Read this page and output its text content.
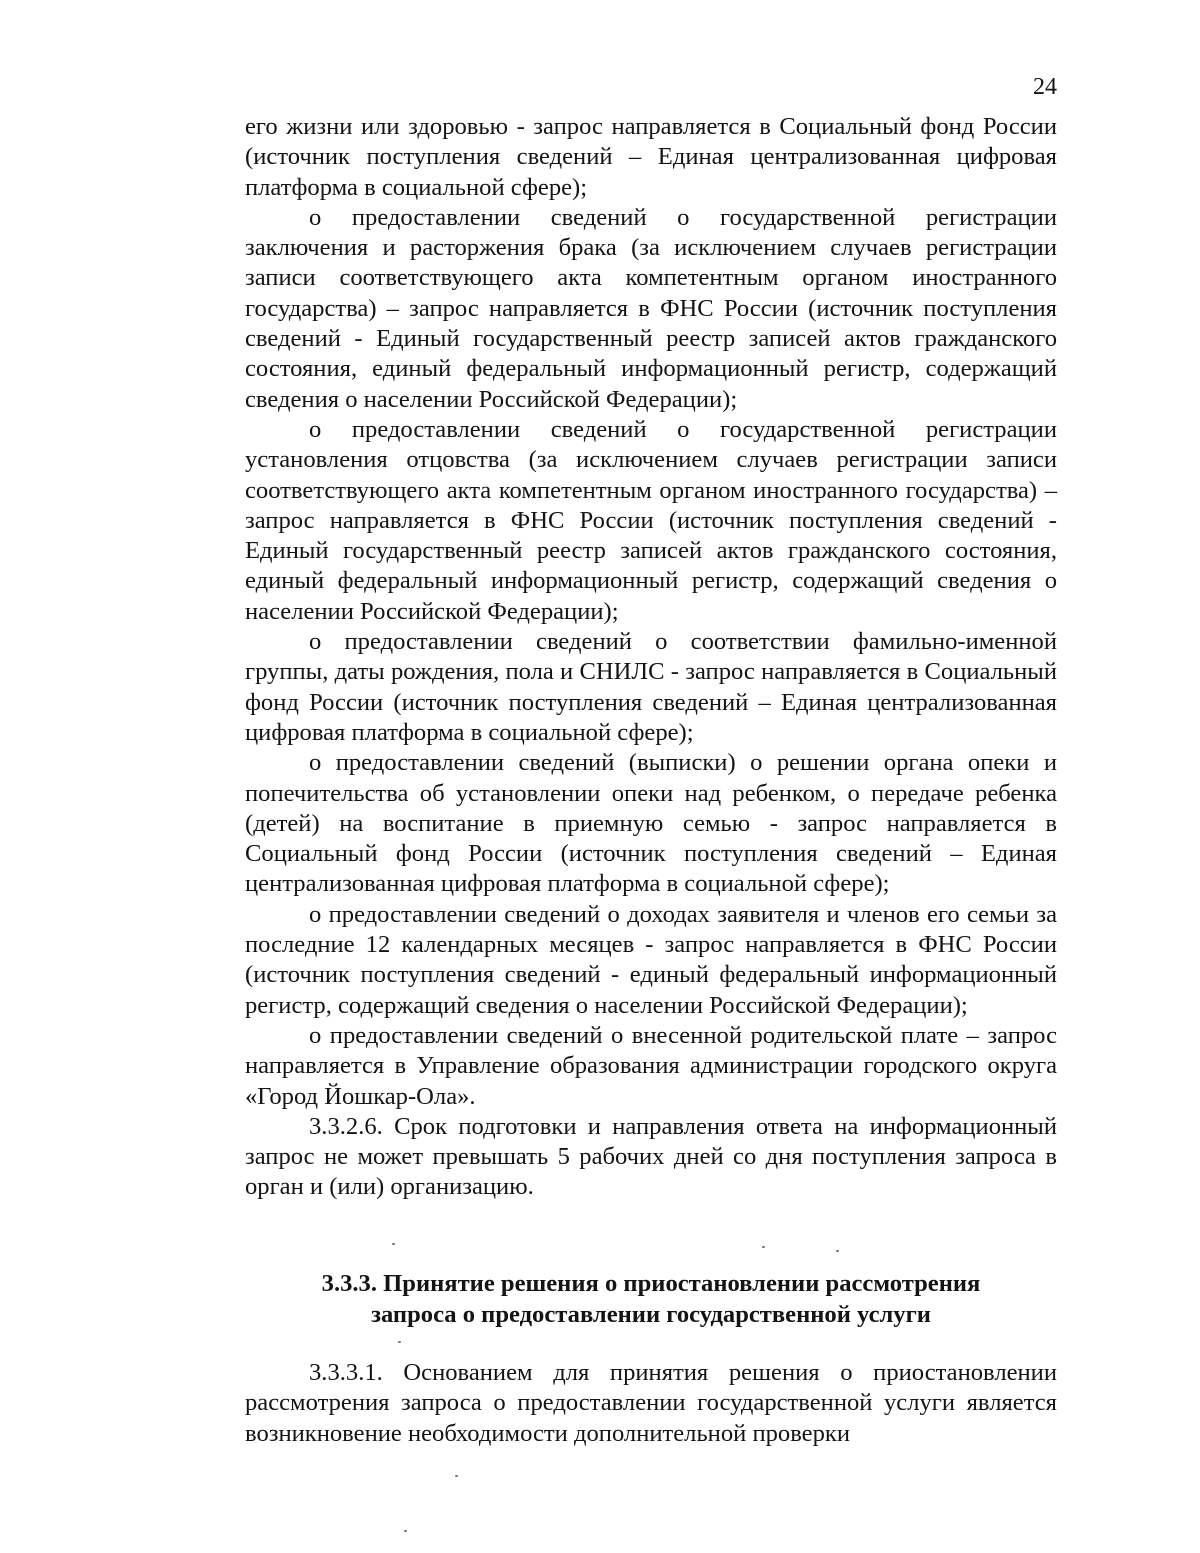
24

его жизни или здоровью - запрос направляется в Социальный фонд России (источник поступления сведений – Единая централизованная цифровая платформа в социальной сфере);

о предоставлении сведений о государственной регистрации заключения и расторжения брака (за исключением случаев регистрации записи соответствующего акта компетентным органом иностранного государства) – запрос направляется в ФНС России (источник поступления сведений - Единый государственный реестр записей актов гражданского состояния, единый федеральный информационный регистр, содержащий сведения о населении Российской Федерации);

о предоставлении сведений о государственной регистрации установления отцовства (за исключением случаев регистрации записи соответствующего акта компетентным органом иностранного государства) – запрос направляется в ФНС России (источник поступления сведений - Единый государственный реестр записей актов гражданского состояния, единый федеральный информационный регистр, содержащий сведения о населении Российской Федерации);

о предоставлении сведений о соответствии фамильно-именной группы, даты рождения, пола и СНИЛС - запрос направляется в Социальный фонд России (источник поступления сведений – Единая централизованная цифровая платформа в социальной сфере);

о предоставлении сведений (выписки) о решении органа опеки и попечительства об установлении опеки над ребенком, о передаче ребенка (детей) на воспитание в приемную семью - запрос направляется в Социальный фонд России (источник поступления сведений – Единая централизованная цифровая платформа в социальной сфере);

о предоставлении сведений о доходах заявителя и членов его семьи за последние 12 календарных месяцев - запрос направляется в ФНС России (источник поступления сведений - единый федеральный информационный регистр, содержащий сведения о населении Российской Федерации);

о предоставлении сведений о внесенной родительской плате – запрос направляется в Управление образования администрации городского округа «Город Йошкар-Ола».

3.3.2.6. Срок подготовки и направления ответа на информационный запрос не может превышать 5 рабочих дней со дня поступления запроса в орган и (или) организацию.

3.3.3. Принятие решения о приостановлении рассмотрения

запроса о предоставлении государственной услуги

3.3.3.1. Основанием для принятия решения о приостановлении рассмотрения запроса о предоставлении государственной услуги является возникновение необходимости дополнительной проверки
